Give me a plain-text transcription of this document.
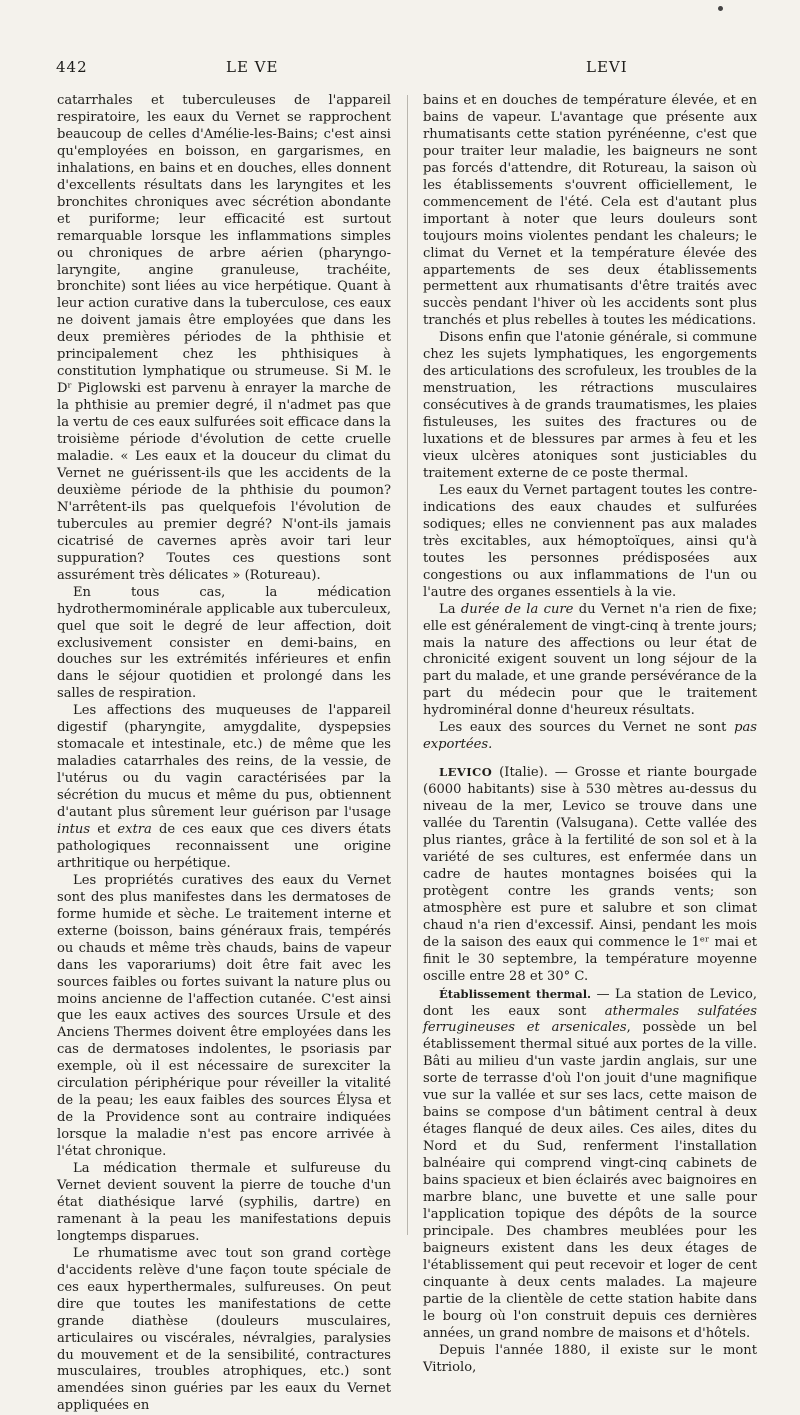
442	LE VE	LEVI

catarrhales et tuberculeuses de l'appareil respiratoire, les eaux du Vernet se rapprochent beaucoup de celles d'Amélie-les-Bains; c'est ainsi qu'employées en boisson, en gargarismes, en inhalations, en bains et en douches, elles donnent d'excellents résultats dans les laryngites et les bronchites chroniques avec sécrétion abondante et puriforme; leur efficacité est surtout remarquable lorsque les inflammations simples ou chroniques de arbre aérien (pharyngo-laryngite, angine granuleuse, trachéite, bronchite) sont liées au vice herpétique. Quant à leur action curative dans la tuberculose, ces eaux ne doivent jamais être employées que dans les deux premières périodes de la phthisie et principalement chez les phthisiques à constitution lymphatique ou strumeuse. Si M. le Dʳ Piglowski est parvenu à enrayer la marche de la phthisie au premier degré, il n'admet pas que la vertu de ces eaux sulfurées soit efficace dans la troisième période d'évolution de cette cruelle maladie. « Les eaux et la douceur du climat du Vernet ne guérissent-ils que les accidents de la deuxième période de la phthisie du poumon? N'arrêtent-ils pas quelquefois l'évolution de tubercules au premier degré? N'ont-ils jamais cicatrisé de cavernes après avoir tari leur suppuration? Toutes ces questions sont assurément très délicates » (Rotureau).

En tous cas, la médication hydrothermominérale applicable aux tuberculeux, quel que soit le degré de leur affection, doit exclusivement consister en demi-bains, en douches sur les extrémités inférieures et enfin dans le séjour quotidien et prolongé dans les salles de respiration.

Les affections des muqueuses de l'appareil digestif (pharyngite, amygdalite, dyspepsies stomacale et intestinale, etc.) de même que les maladies catarrhales des reins, de la vessie, de l'utérus ou du vagin caractérisées par la sécrétion du mucus et même du pus, obtiennent d'autant plus sûrement leur guérison par l'usage intus et extra de ces eaux que ces divers états pathologiques reconnaissent une origine arthritique ou herpétique.

Les propriétés curatives des eaux du Vernet sont des plus manifestes dans les dermatoses de forme humide et sèche. Le traitement interne et externe (boisson, bains généraux frais, tempérés ou chauds et même très chauds, bains de vapeur dans les vaporariums) doit être fait avec les sources faibles ou fortes suivant la nature plus ou moins ancienne de l'affection cutanée. C'est ainsi que les eaux actives des sources Ursule et des Anciens Thermes doivent être employées dans les cas de dermatoses indolentes, le psoriasis par exemple, où il est nécessaire de surexciter la circulation périphérique pour réveiller la vitalité de la peau; les eaux faibles des sources Élysa et de la Providence sont au contraire indiquées lorsque la maladie n'est pas encore arrivée à l'état chronique.

La médication thermale et sulfureuse du Vernet devient souvent la pierre de touche d'un état diathésique larvé (syphilis, dartre) en ramenant à la peau les manifestations depuis longtemps disparues.

Le rhumatisme avec tout son grand cortège d'accidents relève d'une façon toute spéciale de ces eaux hyperthermales, sulfureuses. On peut dire que toutes les manifestations de cette grande diathèse (douleurs musculaires, articulaires ou viscérales, névralgies, paralysies du mouvement et de la sensibilité, contractures musculaires, troubles atrophiques, etc.) sont amendées sinon guéries par les eaux du Vernet appliquées en

bains et en douches de température élevée, et en bains de vapeur. L'avantage que présente aux rhumatisants cette station pyrénéenne, c'est que pour traiter leur maladie, les baigneurs ne sont pas forcés d'attendre, dit Rotureau, la saison où les établissements s'ouvrent officiellement, le commencement de l'été. Cela est d'autant plus important à noter que leurs douleurs sont toujours moins violentes pendant les chaleurs; le climat du Vernet et la température élevée des appartements de ses deux établissements permettent aux rhumatisants d'être traités avec succès pendant l'hiver où les accidents sont plus tranchés et plus rebelles à toutes les médications.

Disons enfin que l'atonie générale, si commune chez les sujets lymphatiques, les engorgements des articulations des scrofuleux, les troubles de la menstruation, les rétractions musculaires consécutives à de grands traumatismes, les plaies fistuleuses, les suites des fractures ou de luxations et de blessures par armes à feu et les vieux ulcères atoniques sont justiciables du traitement externe de ce poste thermal.

Les eaux du Vernet partagent toutes les contre-indications des eaux chaudes et sulfurées sodiques; elles ne conviennent pas aux malades très excitables, aux hémoptoïques, ainsi qu'à toutes les personnes prédisposées aux congestions ou aux inflammations de l'un ou l'autre des organes essentiels à la vie.

La durée de la cure du Vernet n'a rien de fixe; elle est généralement de vingt-cinq à trente jours; mais la nature des affections ou leur état de chronicité exigent souvent un long séjour de la part du malade, et une grande persévérance de la part du médecin pour que le traitement hydrominéral donne d'heureux résultats.

Les eaux des sources du Vernet ne sont pas exportées.

LEVICO (Italie). — Grosse et riante bourgade (6000 habitants) sise à 530 mètres au-dessus du niveau de la mer, Levico se trouve dans une vallée du Tarentin (Valsugana). Cette vallée des plus riantes, grâce à la fertilité de son sol et à la variété de ses cultures, est enfermée dans un cadre de hautes montagnes boisées qui la protègent contre les grands vents; son atmosphère est pure et salubre et son climat chaud n'a rien d'excessif. Ainsi, pendant les mois de la saison des eaux qui commence le 1ᵉʳ mai et finit le 30 septembre, la température moyenne oscille entre 28 et 30° C.

Établissement thermal. — La station de Levico, dont les eaux sont athermales sulfatées ferrugineuses et arsenicales, possède un bel établissement thermal situé aux portes de la ville. Bâti au milieu d'un vaste jardin anglais, sur une sorte de terrasse d'où l'on jouit d'une magnifique vue sur la vallée et sur ses lacs, cette maison de bains se compose d'un bâtiment central à deux étages flanqué de deux ailes. Ces ailes, dites du Nord et du Sud, renferment l'installation balnéaire qui comprend vingt-cinq cabinets de bains spacieux et bien éclairés avec baignoires en marbre blanc, une buvette et une salle pour l'application topique des dépôts de la source principale. Des chambres meublées pour les baigneurs existent dans les deux étages de l'établissement qui peut recevoir et loger de cent cinquante à deux cents malades. La majeure partie de la clientèle de cette station habite dans le bourg où l'on construit depuis ces dernières années, un grand nombre de maisons et d'hôtels.

Depuis l'année 1880, il existe sur le mont Vitriolo,
